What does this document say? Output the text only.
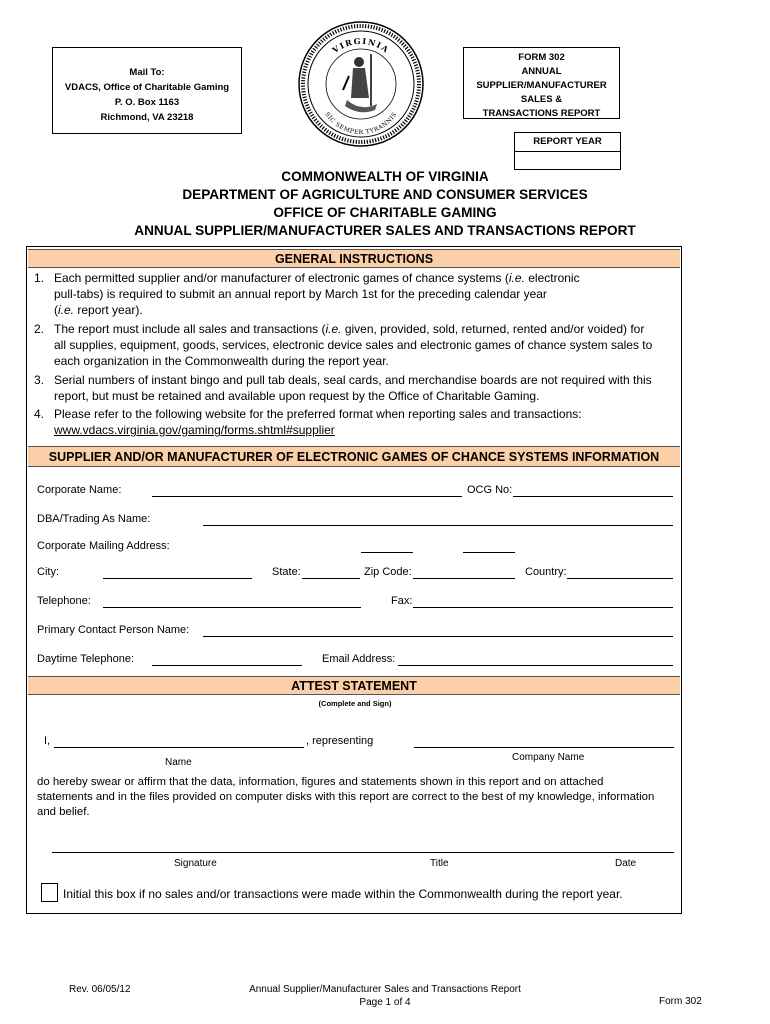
Mail To:
VDACS, Office of Charitable Gaming
P. O. Box 1163
Richmond, VA 23218
VIRGINIA
SIC SEMPER TYRANNIS
FORM 302
ANNUAL
SUPPLIER/MANUFACTURER
SALES &
TRANSACTIONS REPORT
REPORT YEAR
COMMONWEALTH OF VIRGINIA
DEPARTMENT OF AGRICULTURE AND CONSUMER SERVICES
OFFICE OF CHARITABLE GAMING
ANNUAL SUPPLIER/MANUFACTURER SALES AND TRANSACTIONS REPORT
GENERAL INSTRUCTIONS
1. Each permitted supplier and/or manufacturer of electronic games of chance systems (i.e. electronic
pull-tabs) is required to submit an annual report by March 1st for the preceding calendar year
(i.e. report year).
2. The report must include all sales and transactions (i.e. given, provided, sold, returned, rented and/or voided) for
all supplies, equipment, goods, services, electronic device sales and electronic games of chance system sales to
each organization in the Commonwealth during the report year.
3. Serial numbers of instant bingo and pull tab deals, seal cards, and merchandise boards are not required with this
report, but must be retained and available upon request by the Office of Charitable Gaming.
4. Please refer to the following website for the preferred format when reporting sales and transactions:
www.vdacs.virginia.gov/gaming/forms.shtml#supplier
SUPPLIER AND/OR MANUFACTURER OF ELECTRONIC GAMES OF CHANCE SYSTEMS INFORMATION
Corporate Name:	OCG No:
DBA/Trading As Name:
Corporate Mailing Address:
City:	State:	Zip Code:	Country:
Telephone:	Fax:
Primary Contact Person Name:
Daytime Telephone:	Email Address:
ATTEST STATEMENT
(Complete and Sign)
I,	, representing
Name	Company Name
do hereby swear or affirm that the data, information, figures and statements shown in this report and on attached
statements and in the files provided on computer disks with this report are correct to the best of my knowledge, information
and belief.
Signature	Title	Date
Initial this box if no sales and/or transactions were made within the Commonwealth during the report year.
Rev. 06/05/12	Annual Supplier/Manufacturer Sales and Transactions Report
Page 1 of 4	Form 302
